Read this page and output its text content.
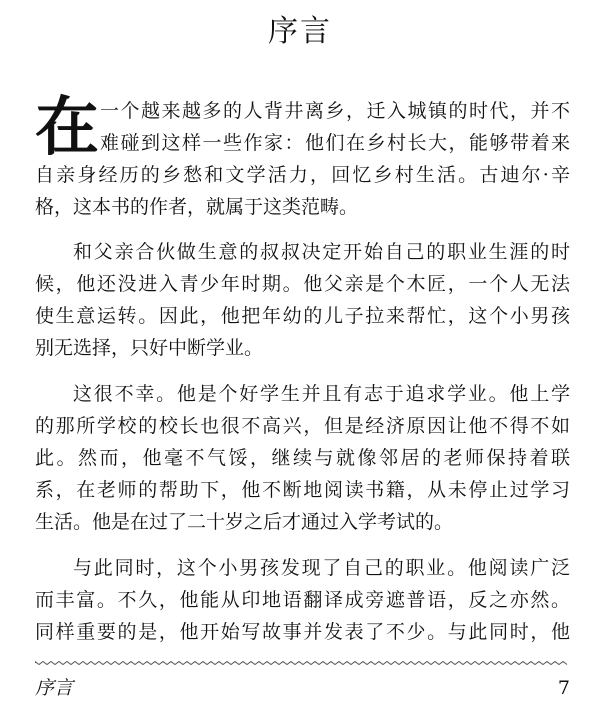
序言
在 一个越来越多的人背井离乡，迁入城镇的时代，并不
难碰到这样一些作家：他们在乡村长大，能够带着来
自亲身经历的乡愁和文学活力，回忆乡村生活。古迪尔·辛
格，这本书的作者，就属于这类范畴。
和父亲合伙做生意的叔叔决定开始自己的职业生涯的时
候，他还没进入青少年时期。他父亲是个木匠，一个人无法
使生意运转。因此，他把年幼的儿子拉来帮忙，这个小男孩
别无选择，只好中断学业。
这很不幸。他是个好学生并且有志于追求学业。他上学
的那所学校的校长也很不高兴，但是经济原因让他不得不如
此。然而，他毫不气馁，继续与就像邻居的老师保持着联
系，在老师的帮助下，他不断地阅读书籍，从未停止过学习
生活。他是在过了二十岁之后才通过入学考试的。
与此同时，这个小男孩发现了自己的职业。他阅读广泛
而丰富。不久，他能从印地语翻译成旁遮普语，反之亦然。
同样重要的是，他开始写故事并发表了不少。与此同时，他
序言	7
